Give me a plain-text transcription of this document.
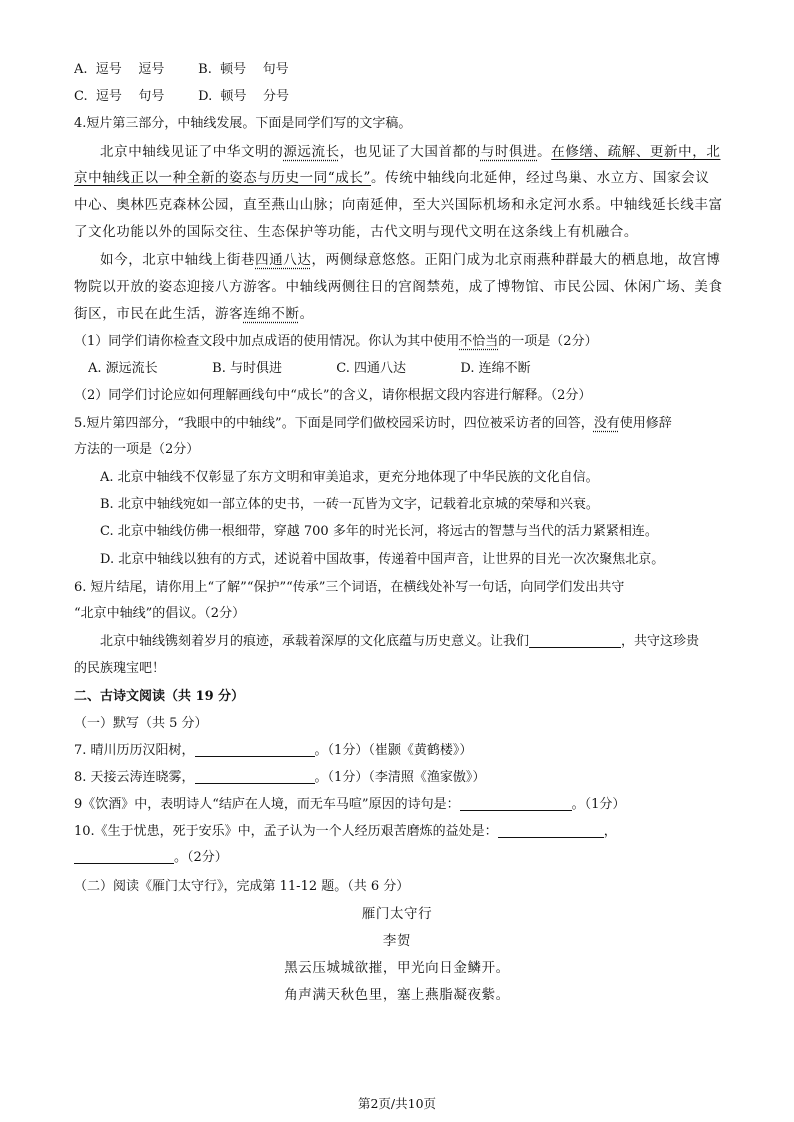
A.  逗号    逗号	B.  顿号    句号
C.  逗号    句号	D.  顿号    分号
4.短片第三部分，中轴线发展。下面是同学们写的文字稿。
北京中轴线见证了中华文明的源远流长，也见证了大国首都的与时俱进。在修缮、疏解、更新中，北
京中轴线正以一种全新的姿态与历史一同“成长”。传统中轴线向北延伸，经过鸟巢、水立方、国家会议
中心、奥林匹克森林公园，直至燕山山脉；向南延伸，至大兴国际机场和永定河水系。中轴线延长线丰富
了文化功能以外的国际交往、生态保护等功能，古代文明与现代文明在这条线上有机融合。
如今，北京中轴线上街巷四通八达，两侧绿意悠悠。正阳门成为北京雨燕种群最大的栖息地，故宫博
物院以开放的姿态迎接八方游客。中轴线两侧往日的宫阁禁苑，成了博物馆、市民公园、休闲广场、美食
街区，市民在此生活，游客连绵不断。
（1）同学们请你检查文段中加点成语的使用情况。你认为其中使用不恰当的一项是（2分）
A. 源远流长	B. 与时俱进	C. 四通八达	D. 连绵不断
（2）同学们讨论应如何理解画线句中“成长”的含义，请你根据文段内容进行解释。（2分）
5.短片第四部分，“我眼中的中轴线”。下面是同学们做校园采访时，四位被采访者的回答，没有使用修辞
方法的一项是（2分）
A. 北京中轴线不仅彰显了东方文明和审美追求，更充分地体现了中华民族的文化自信。
B. 北京中轴线宛如一部立体的史书，一砖一瓦皆为文字，记载着北京城的荣辱和兴衰。
C. 北京中轴线仿佛一根细带，穿越 700 多年的时光长河，将远古的智慧与当代的活力紧紧相连。
D. 北京中轴线以独有的方式，述说着中国故事，传递着中国声音，让世界的目光一次次聚焦北京。
6. 短片结尾，请你用上“了解”“保护”“传承”三个词语，在横线处补写一句话，向同学们发出共守
“北京中轴线”的倡议。（2分）
北京中轴线镌刻着岁月的痕迹，承载着深厚的文化底蕴与历史意义。让我们	，共守这珍贵
的民族瑰宝吧！
二、古诗文阅读（共 19 分）
（一）默写（共 5 分）
7. 晴川历历汉阳树，	。（1分）（崔颢《黄鹤楼》）
8. 天接云涛连晓雾，	。（1分）（李清照《渔家傲》）
9《饮酒》中，表明诗人“结庐在人境，而无车马喧”原因的诗句是：	。（1分）
10.《生于忧患，死于安乐》中，孟子认为一个人经历艰苦磨炼的益处是：	，
。（2分）
（二）阅读《雁门太守行》，完成第 11-12 题。（共 6 分）
雁门太守行
李贺
黑云压城城欲摧，甲光向日金鳞开。
角声满天秋色里，塞上燕脂凝夜紫。
第2页/共10页
